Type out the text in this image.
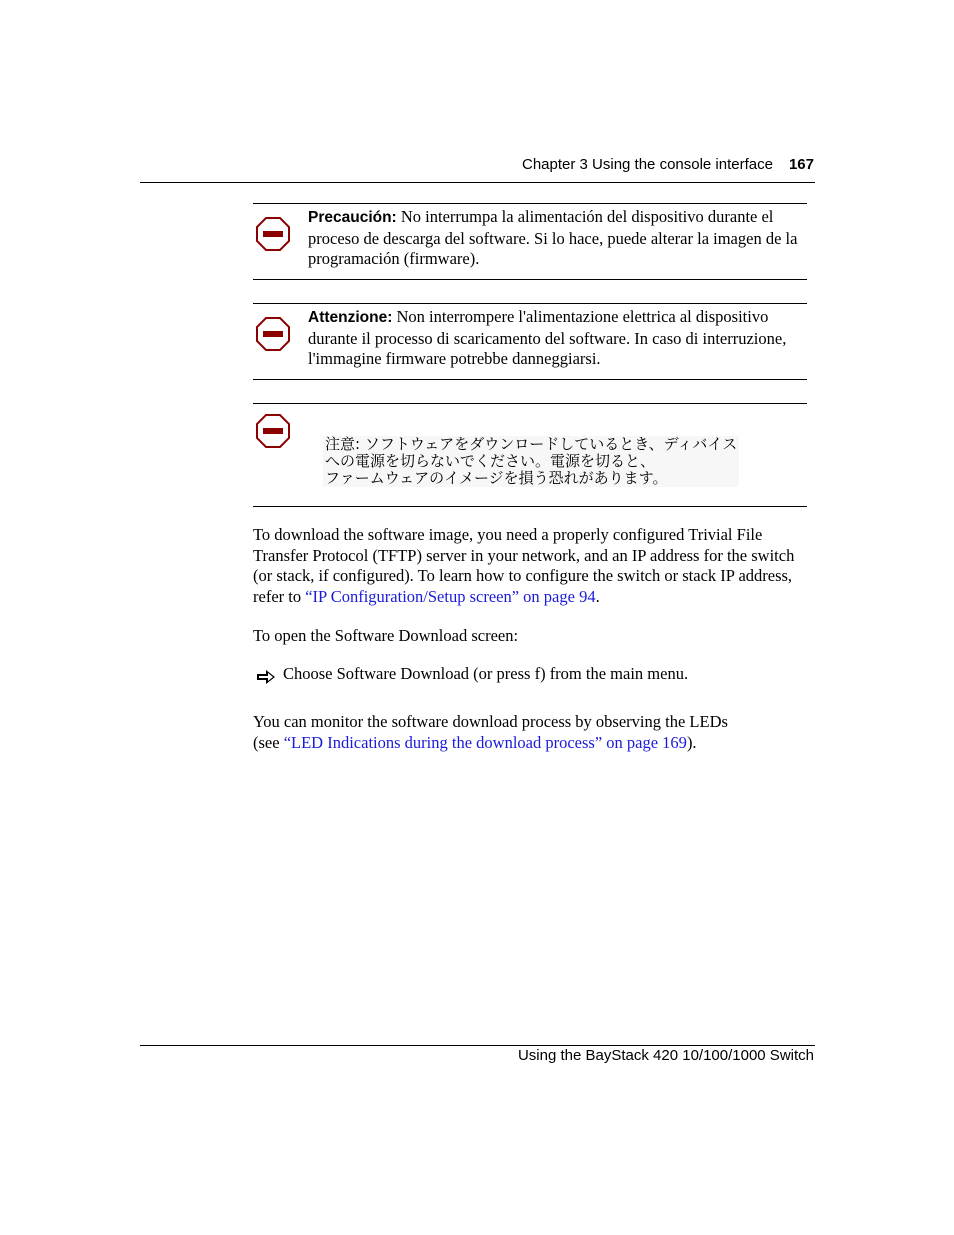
Chapter 3 Using the console interface 167
Precaución: No interrumpa la alimentación del dispositivo durante el proceso de descarga del software. Si lo hace, puede alterar la imagen de la programación (firmware).
Attenzione: Non interrompere l'alimentazione elettrica al dispositivo durante il processo di scaricamento del software. In caso di interruzione, l'immagine firmware potrebbe danneggiarsi.
注意: ソフトウェアをダウンロードしているとき、ディバイス
への電源を切らないでください。電源を切ると、
ファームウェアのイメージを損う恐れがあります。
To download the software image, you need a properly configured Trivial File Transfer Protocol (TFTP) server in your network, and an IP address for the switch (or stack, if configured). To learn how to configure the switch or stack IP address, refer to “IP Configuration/Setup screen” on page 94.
To open the Software Download screen:
Choose Software Download (or press f) from the main menu.
You can monitor the software download process by observing the LEDs (see “LED Indications during the download process” on page 169).
Using the BayStack 420 10/100/1000 Switch
